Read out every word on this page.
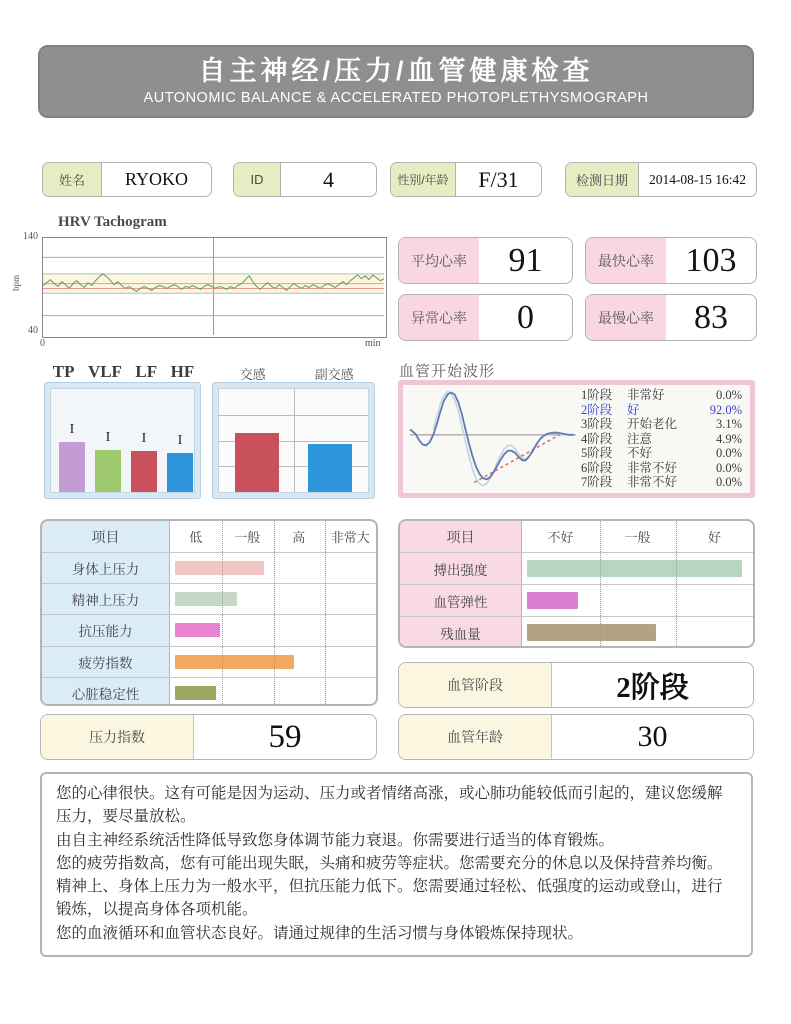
自主神经/压力/血管健康检查
AUTONOMIC BALANCE & ACCELERATED PHOTOPLETHYSMOGRAPH
姓名	RYOKO	ID	4	性别/年龄	F/31	检测日期	2014-08-15 16:42
HRV Tachogram
140
40
bpm
0	min
平均心率	91	最快心率 103
异常心率	0	最慢心率	83
TP VLF LF HF
I
I	I	I
交感	副交感	血管开始波形
1阶段	非常好	0.0%
2阶段	好	92.0%
3阶段	开始老化	3.1%
4阶段	注意	4.9%
5阶段	不好	0.0%
6阶段	非常不好	0.0%
7阶段	非常不好	0.0%
项目	低	一般	高	非常大
身体上压力
精神上压力
抗压能力
疲劳指数
心脏稳定性
项目	不好	一般	好
搏出强度
血管弹性
残血量
血管阶段	2阶段
压力指数	59	血管年龄	30
您的心律很快。这有可能是因为运动、压力或者情绪高涨，或心肺功能较低而引起的，建议您缓解压力，要尽量放松。
由自主神经系统活性降低导致您身体调节能力衰退。你需要进行适当的体育锻炼。
您的疲劳指数高，您有可能出现失眠，头痛和疲劳等症状。您需要充分的休息以及保持营养均衡。
精神上、身体上压力为一般水平，但抗压能力低下。您需要通过轻松、低强度的运动或登山，进行锻炼，以提高身体各项机能。
您的血液循环和血管状态良好。请通过规律的生活习惯与身体锻炼保持现状。
